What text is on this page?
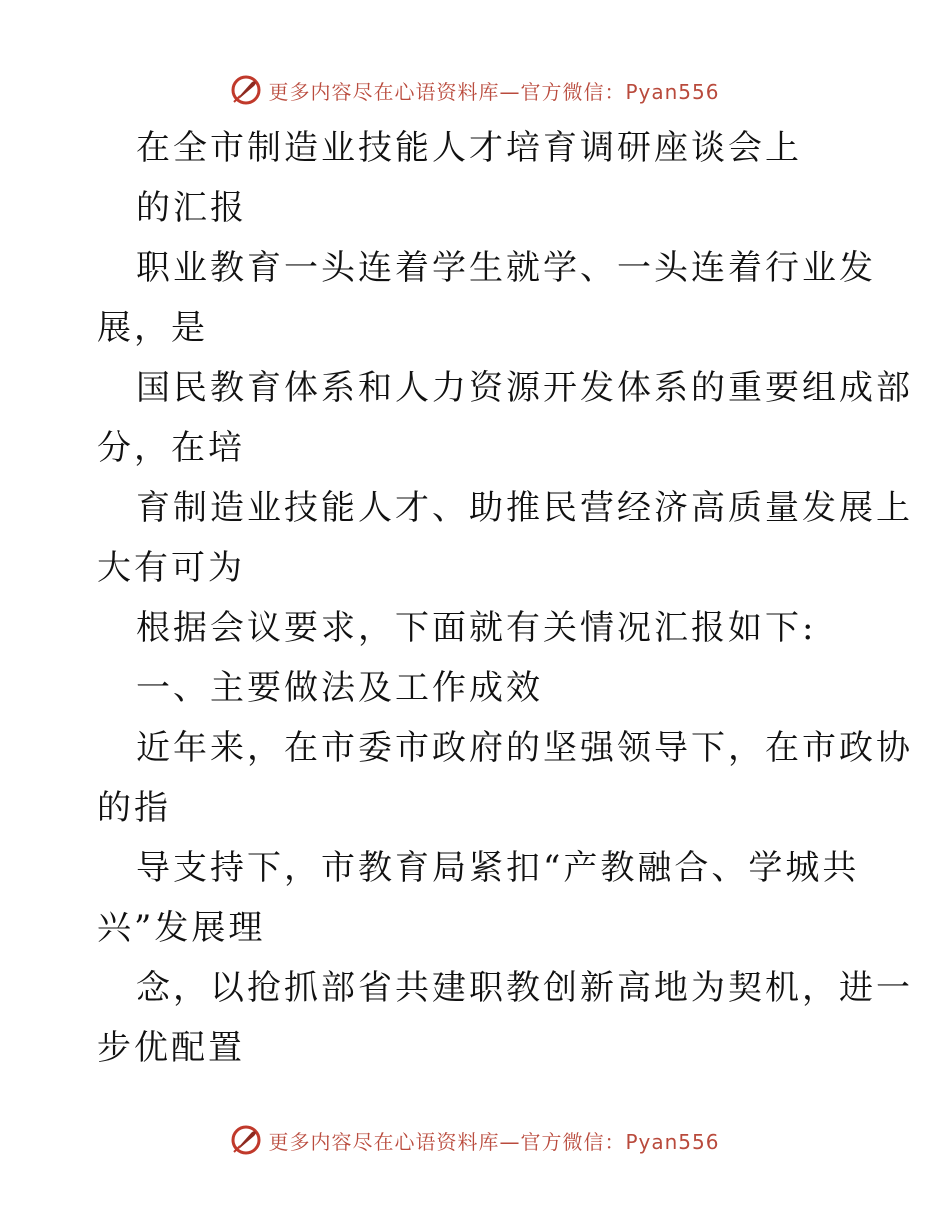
更多内容尽在心语资料库—官方微信：Pyan556
在全市制造业技能人才培育调研座谈会上
的汇报
职业教育一头连着学生就学、一头连着行业发
展，是
国民教育体系和人力资源开发体系的重要组成部
分，在培
育制造业技能人才、助推民营经济高质量发展上
大有可为
根据会议要求，下面就有关情况汇报如下:
一、主要做法及工作成效
近年来，在市委市政府的坚强领导下，在市政协
的指
导支持下，市教育局紧扣“产教融合、学城共
兴”发展理
念，以抢抓部省共建职教创新高地为契机，进一
步优配置
更多内容尽在心语资料库—官方微信：Pyan556
